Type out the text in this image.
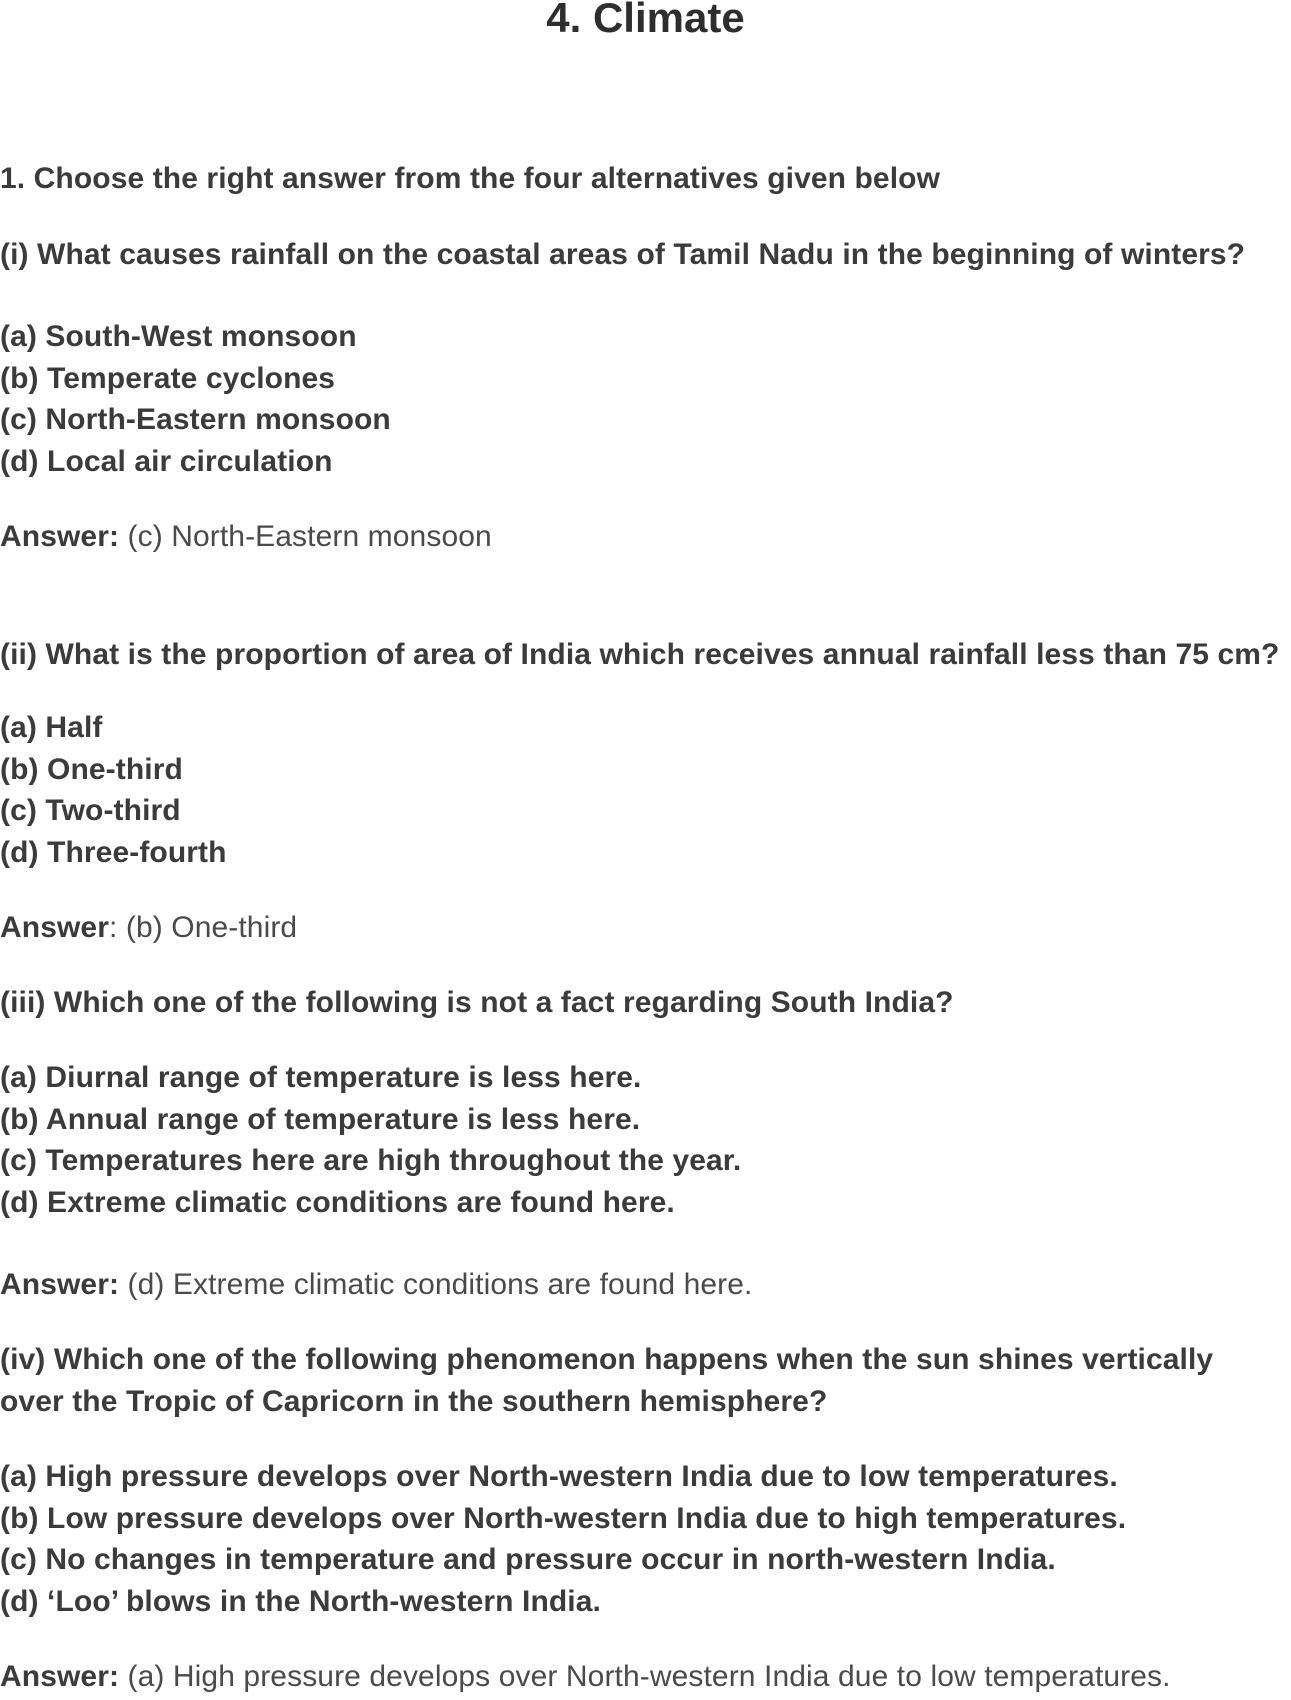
4. Climate
1. Choose the right answer from the four alternatives given below
(i) What causes rainfall on the coastal areas of Tamil Nadu in the beginning of winters?
(a) South-West monsoon
(b) Temperate cyclones
(c) North-Eastern monsoon
(d) Local air circulation
Answer: (c) North-Eastern monsoon
(ii) What is the proportion of area of India which receives annual rainfall less than 75 cm?
(a) Half
(b) One-third
(c) Two-third
(d) Three-fourth
Answer: (b) One-third
(iii) Which one of the following is not a fact regarding South India?
(a) Diurnal range of temperature is less here.
(b) Annual range of temperature is less here.
(c) Temperatures here are high throughout the year.
(d) Extreme climatic conditions are found here.
Answer: (d) Extreme climatic conditions are found here.
(iv) Which one of the following phenomenon happens when the sun shines vertically
over the Tropic of Capricorn in the southern hemisphere?
(a) High pressure develops over North-western India due to low temperatures.
(b) Low pressure develops over North-western India due to high temperatures.
(c) No changes in temperature and pressure occur in north-western India.
(d) ‘Loo’ blows in the North-western India.
Answer: (a) High pressure develops over North-western India due to low temperatures.
